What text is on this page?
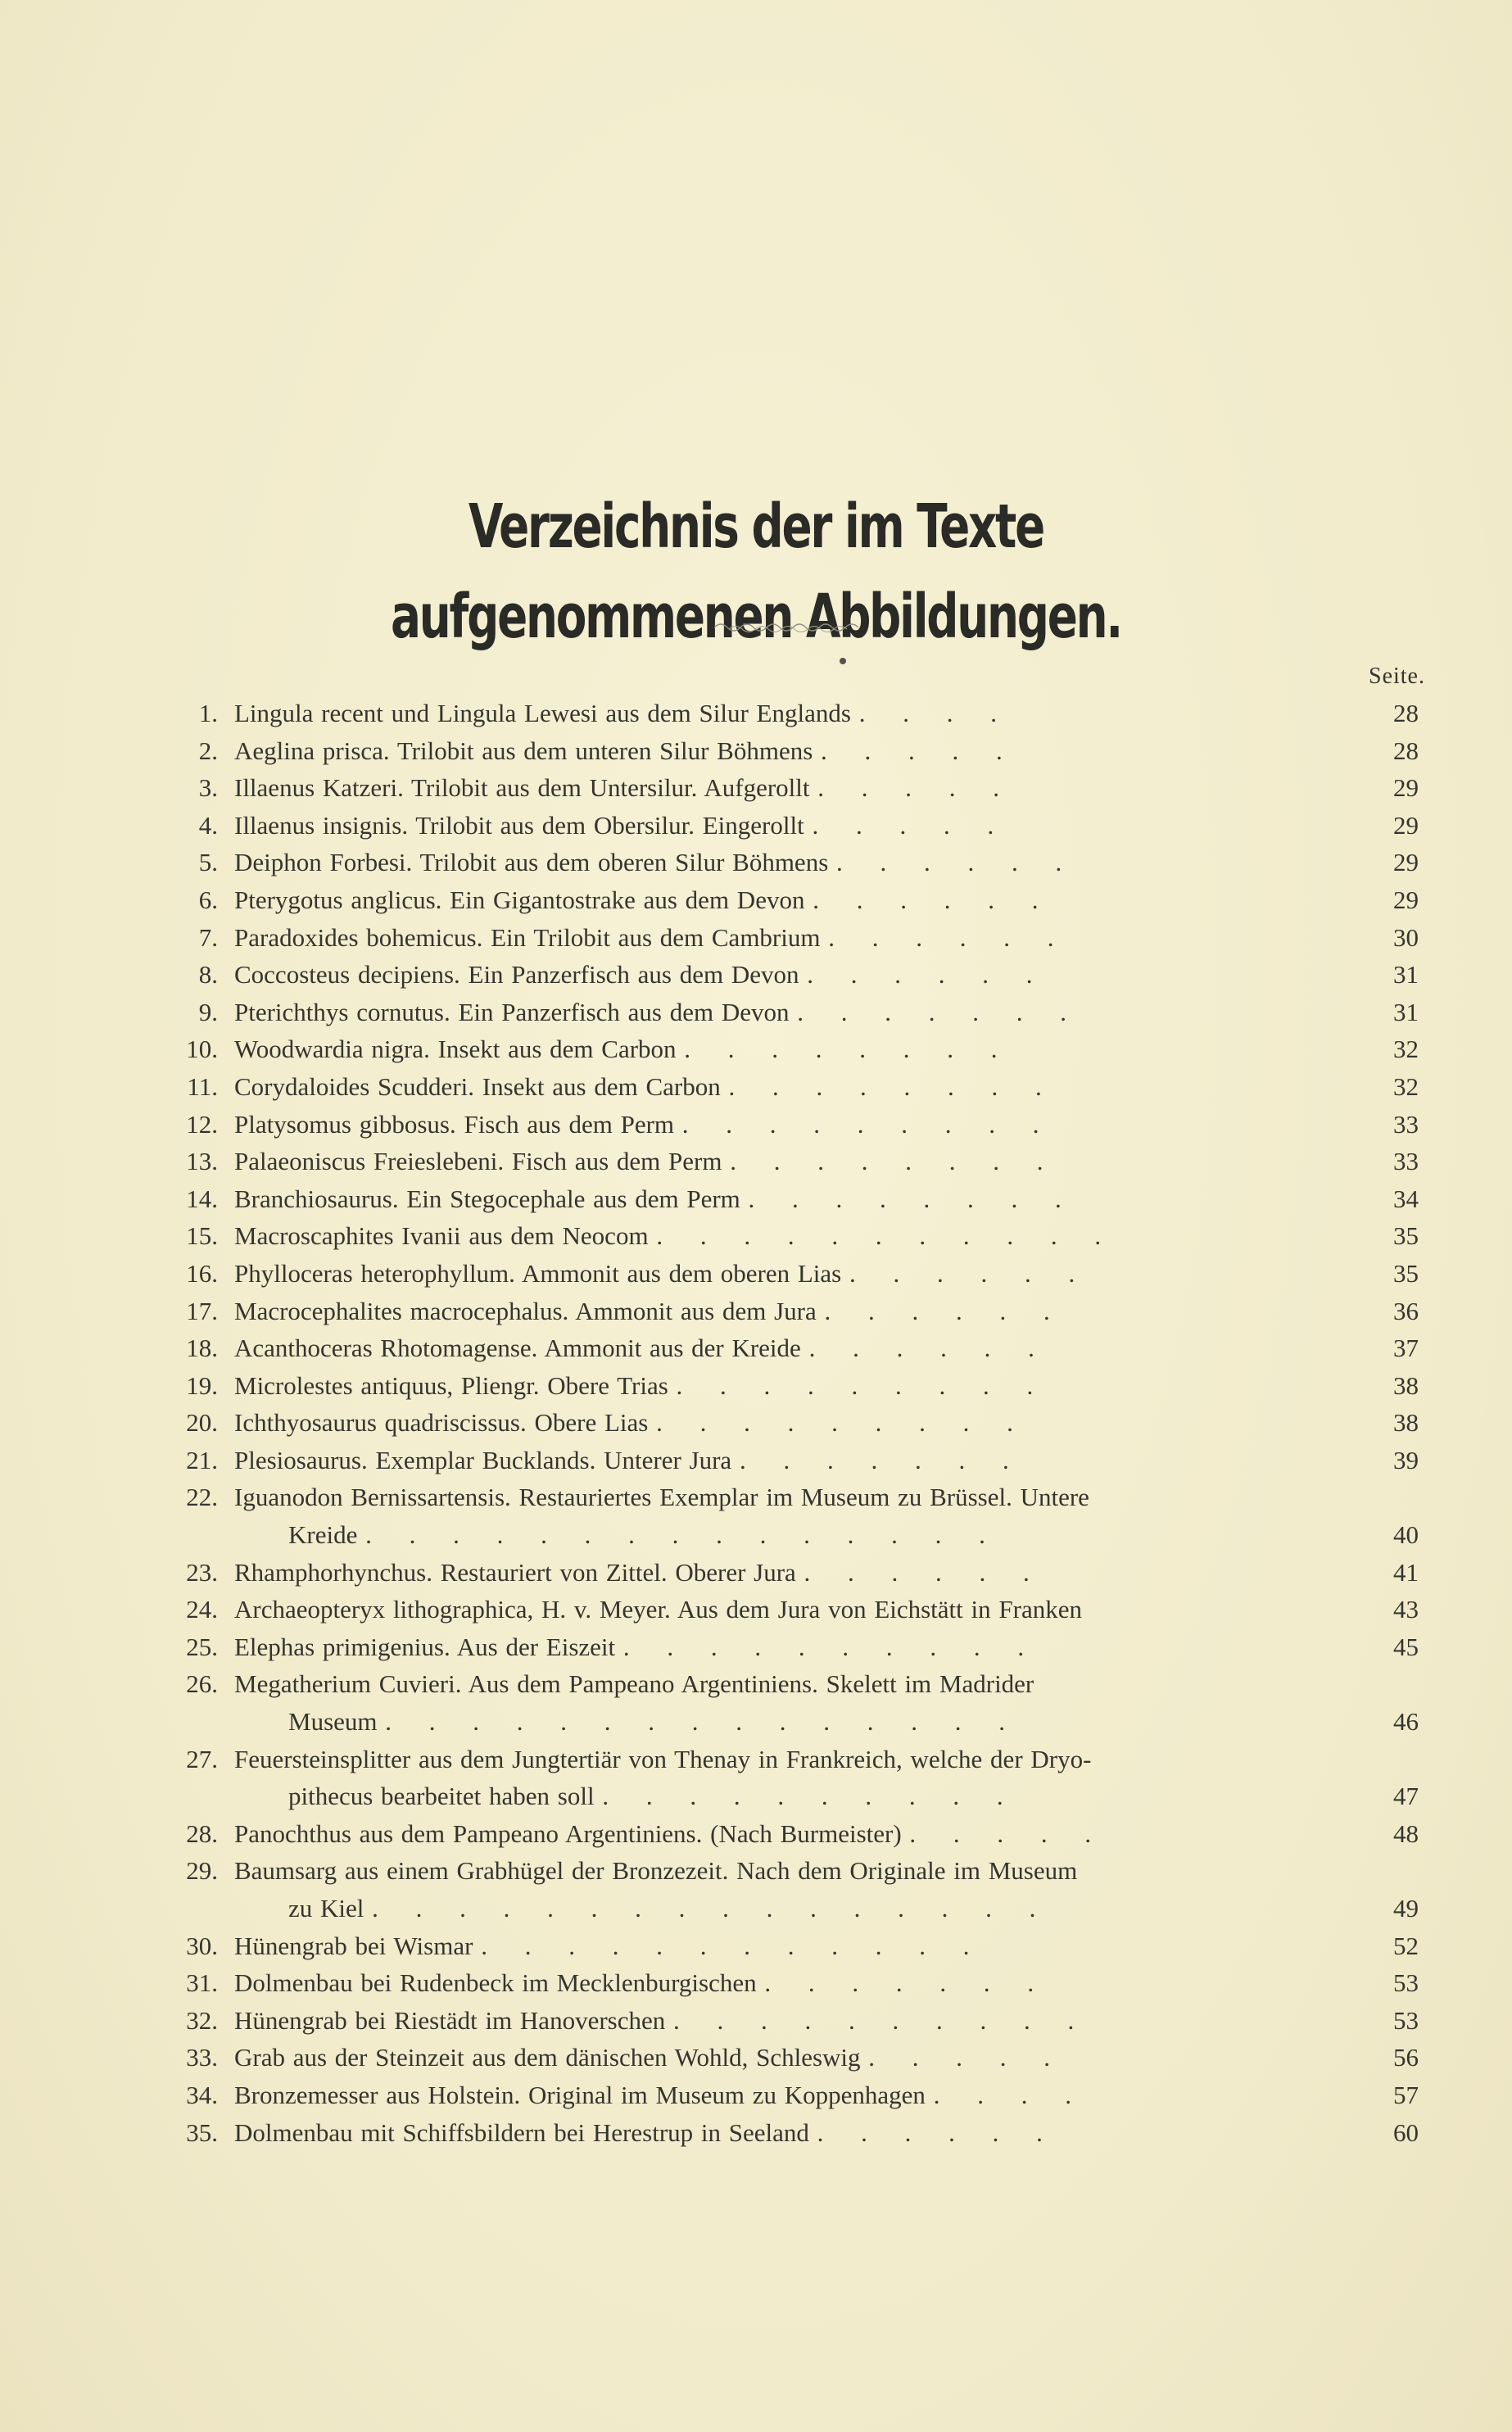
Verzeichnis der im Texte aufgenommenen Abbildungen.
Seite.
1. Lingula recent und Lingula Lewesi aus dem Silur Englands . . . .	28
2. Aeglina prisca. Trilobit aus dem unteren Silur Böhmens . . . . .	28
3. Illaenus Katzeri. Trilobit aus dem Untersilur. Aufgerollt . . . . .	29
4. Illaenus insignis. Trilobit aus dem Obersilur. Eingerollt . . . . .	29
5. Deiphon Forbesi. Trilobit aus dem oberen Silur Böhmens . . . . . .	29
6. Pterygotus anglicus. Ein Gigantostrake aus dem Devon . . . . . .	29
7. Paradoxides bohemicus. Ein Trilobit aus dem Cambrium . . . . . .	30
8. Coccosteus decipiens. Ein Panzerfisch aus dem Devon . . . . . .	31
9. Pterichthys cornutus. Ein Panzerfisch aus dem Devon . . . . . . .	31
10. Woodwardia nigra. Insekt aus dem Carbon . . . . . . . .	32
11. Corydaloides Scudderi. Insekt aus dem Carbon . . . . . . . .	32
12. Platysomus gibbosus. Fisch aus dem Perm . . . . . . . . .	33
13. Palaeoniscus Freieslebeni. Fisch aus dem Perm . . . . . . . .	33
14. Branchiosaurus. Ein Stegocephale aus dem Perm . . . . . . . .	34
15. Macroscaphites Ivanii aus dem Neocom . . . . . . . . . . .	35
16. Phylloceras heterophyllum. Ammonit aus dem oberen Lias . . . . . .	35
17. Macrocephalites macrocephalus. Ammonit aus dem Jura . . . . . .	36
18. Acanthoceras Rhotomagense. Ammonit aus der Kreide . . . . . .	37
19. Microlestes antiquus, Pliengr. Obere Trias . . . . . . . . .	38
20. Ichthyosaurus quadriscissus. Obere Lias . . . . . . . . .	38
21. Plesiosaurus. Exemplar Bucklands. Unterer Jura . . . . . . .	39
22. Iguanodon Bernissartensis. Restauriertes Exemplar im Museum zu Brüssel. Untere
Kreide . . . . . . . . . . . . . . .	40
23. Rhamphorhynchus. Restauriert von Zittel. Oberer Jura . . . . . .	41
24. Archaeopteryx lithographica, H. v. Meyer. Aus dem Jura von Eichstätt in Franken	43
25. Elephas primigenius. Aus der Eiszeit . . . . . . . . . .	45
26. Megatherium Cuvieri. Aus dem Pampeano Argentiniens. Skelett im Madrider
Museum . . . . . . . . . . . . . . .	46
27. Feuersteinsplitter aus dem Jungtertiär von Thenay in Frankreich, welche der Dryo-
pithecus bearbeitet haben soll . . . . . . . . . .	47
28. Panochthus aus dem Pampeano Argentiniens. (Nach Burmeister) . . . . .	48
29. Baumsarg aus einem Grabhügel der Bronzezeit. Nach dem Originale im Museum
zu Kiel . . . . . . . . . . . . . . . .	49
30. Hünengrab bei Wismar . . . . . . . . . . . .	52
31. Dolmenbau bei Rudenbeck im Mecklenburgischen . . . . . . .	53
32. Hünengrab bei Riestädt im Hanoverschen . . . . . . . . . .	53
33. Grab aus der Steinzeit aus dem dänischen Wohld, Schleswig . . . . .	56
34. Bronzemesser aus Holstein. Original im Museum zu Koppenhagen . . . .	57
35. Dolmenbau mit Schiffsbildern bei Herestrup in Seeland . . . . . .	60
